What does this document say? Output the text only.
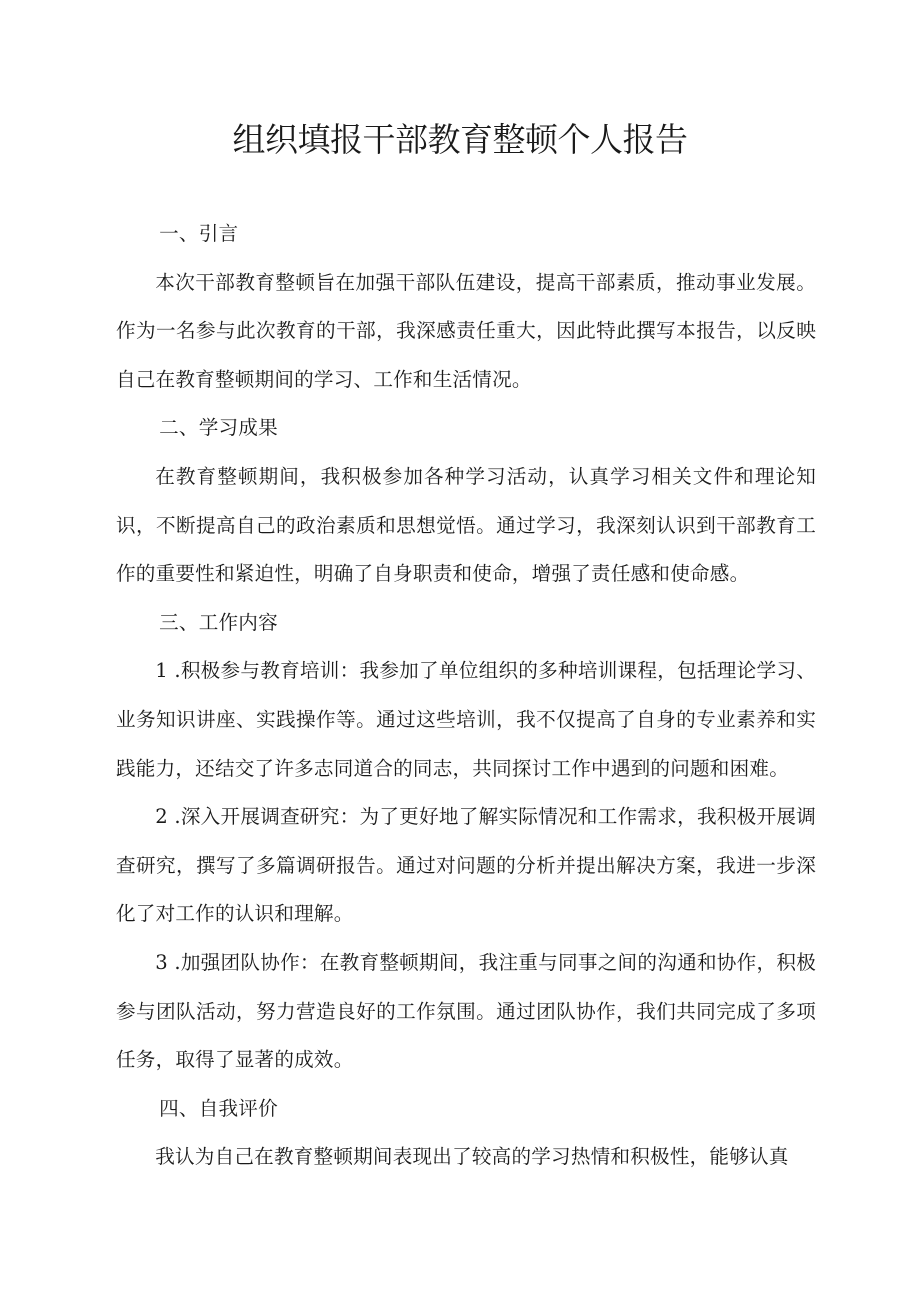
组织填报干部教育整顿个人报告

一、引言

本次干部教育整顿旨在加强干部队伍建设，提高干部素质，推动事业发展。作为一名参与此次教育的干部，我深感责任重大，因此特此撰写本报告，以反映自己在教育整顿期间的学习、工作和生活情况。

二、学习成果

在教育整顿期间，我积极参加各种学习活动，认真学习相关文件和理论知识，不断提高自己的政治素质和思想觉悟。通过学习，我深刻认识到干部教育工作的重要性和紧迫性，明确了自身职责和使命，增强了责任感和使命感。

三、工作内容

1 .积极参与教育培训：我参加了单位组织的多种培训课程，包括理论学习、业务知识讲座、实践操作等。通过这些培训，我不仅提高了自身的专业素养和实践能力，还结交了许多志同道合的同志，共同探讨工作中遇到的问题和困难。

2 .深入开展调查研究：为了更好地了解实际情况和工作需求，我积极开展调查研究，撰写了多篇调研报告。通过对问题的分析并提出解决方案，我进一步深化了对工作的认识和理解。

3 .加强团队协作：在教育整顿期间，我注重与同事之间的沟通和协作，积极参与团队活动，努力营造良好的工作氛围。通过团队协作，我们共同完成了多项任务，取得了显著的成效。

四、自我评价

我认为自己在教育整顿期间表现出了较高的学习热情和积极性，能够认真
